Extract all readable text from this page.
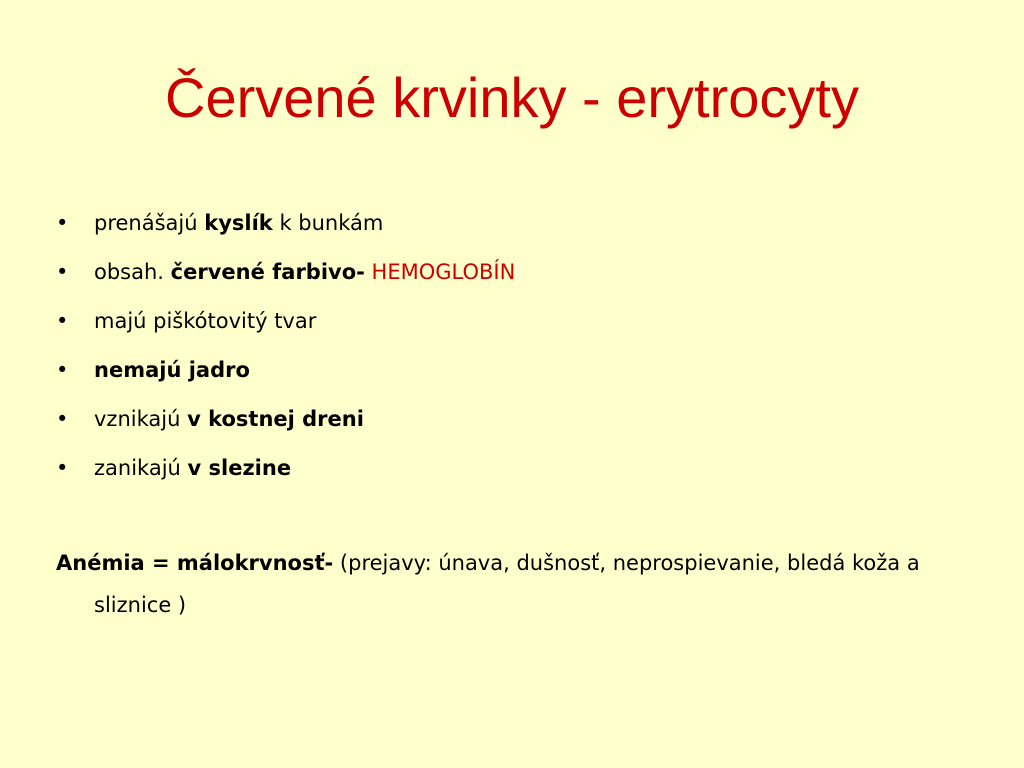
Červené krvinky - erytrocyty
• prenášajú kyslík k bunkám
• obsah. červené farbivo- HEMOGLOBÍN
• majú piškótovitý tvar
• nemajú jadro
• vznikajú v kostnej dreni
• zanikajú v slezine

Anémia = málokrvnosť- (prejavy: únava, dušnosť, neprospievanie, bledá koža a sliznice )
